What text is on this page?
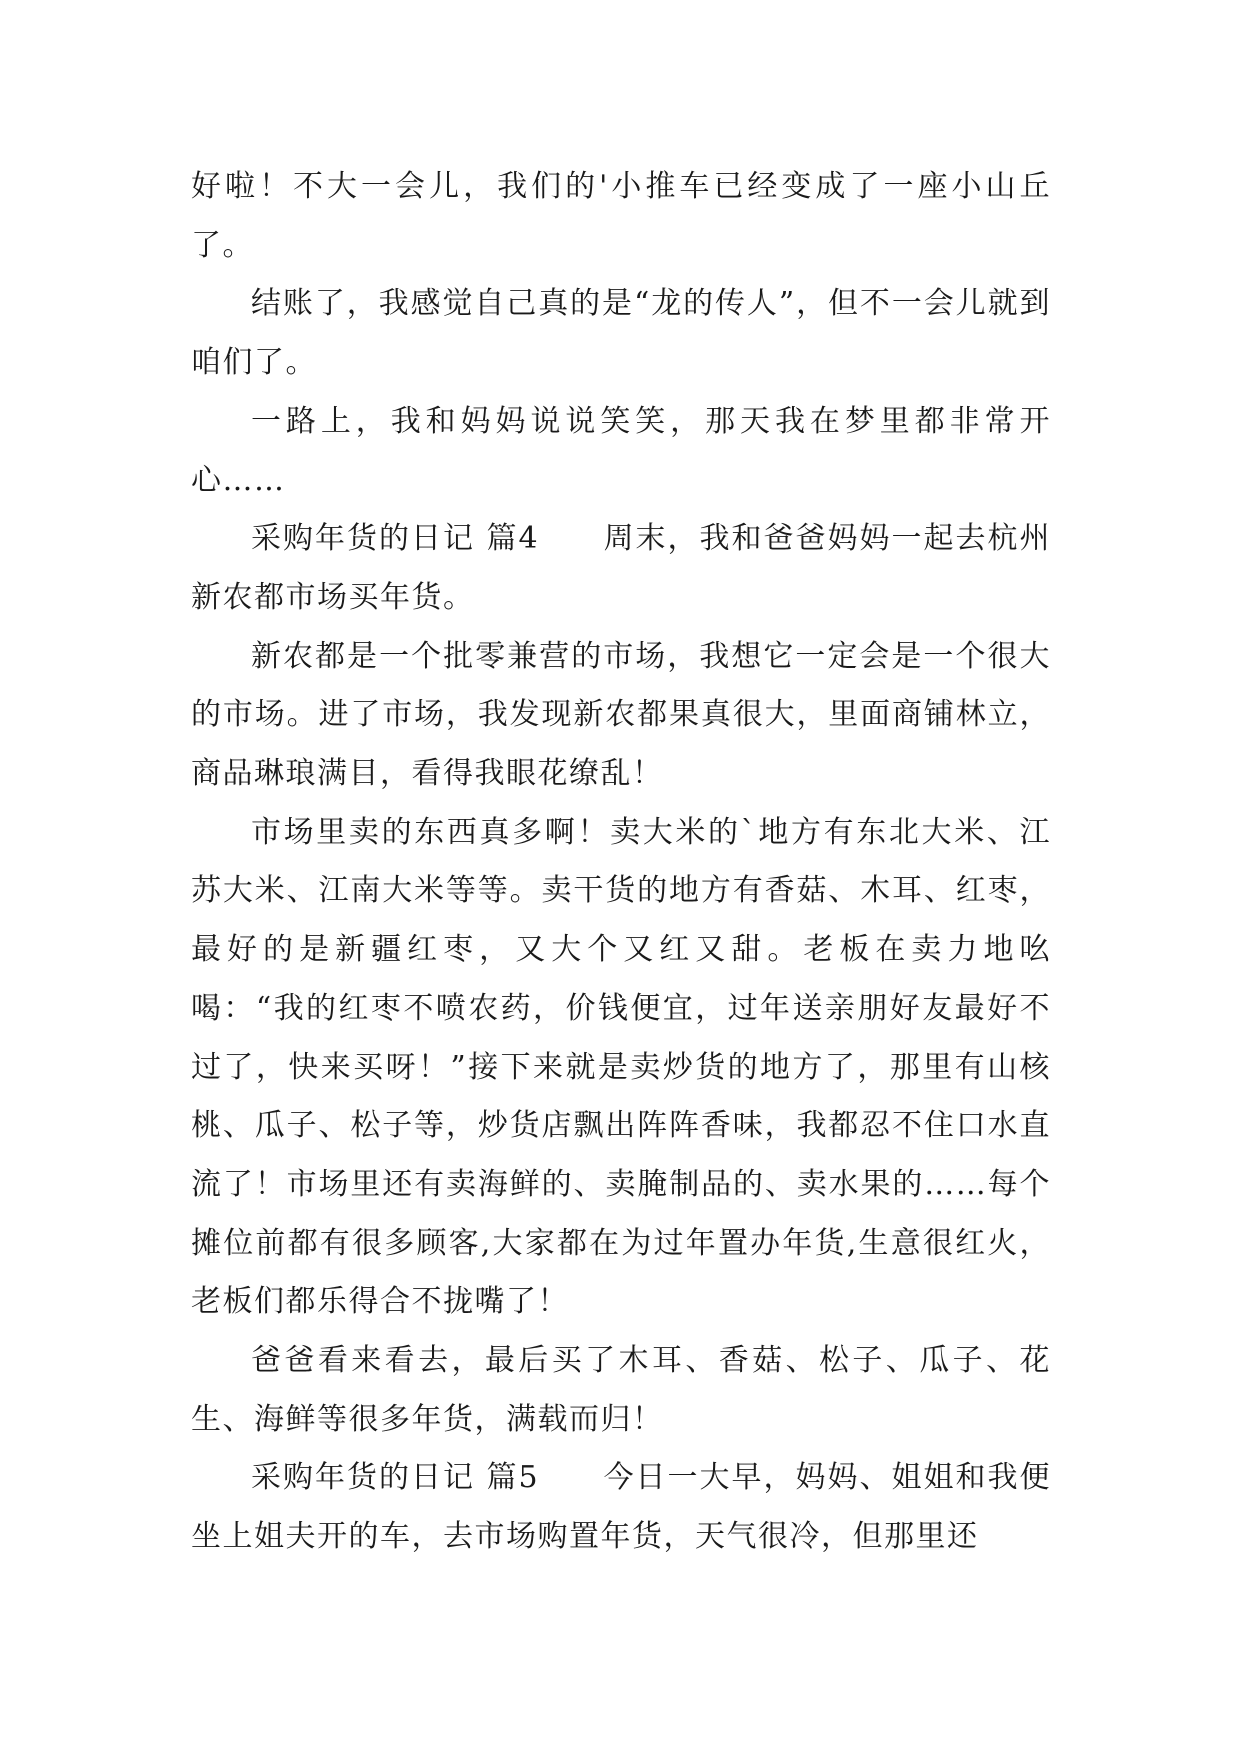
好啦！不大一会儿，我们的'小推车已经变成了一座小山丘了。

结账了，我感觉自己真的是“龙的传人”，但不一会儿就到咱们了。

一路上，我和妈妈说说笑笑，那天我在梦里都非常开心……

采购年货的日记 篇4　　周末，我和爸爸妈妈一起去杭州新农都市场买年货。

新农都是一个批零兼营的市场，我想它一定会是一个很大的市场。进了市场，我发现新农都果真很大，里面商铺林立，商品琳琅满目，看得我眼花缭乱！

市场里卖的东西真多啊！卖大米的`地方有东北大米、江苏大米、江南大米等等。卖干货的地方有香菇、木耳、红枣，最好的是新疆红枣，又大个又红又甜。老板在卖力地吆喝：“我的红枣不喷农药，价钱便宜，过年送亲朋好友最好不过了，快来买呀！”接下来就是卖炒货的地方了，那里有山核桃、瓜子、松子等，炒货店飘出阵阵香味，我都忍不住口水直流了！市场里还有卖海鲜的、卖腌制品的、卖水果的……每个摊位前都有很多顾客,大家都在为过年置办年货,生意很红火，老板们都乐得合不拢嘴了！

爸爸看来看去，最后买了木耳、香菇、松子、瓜子、花生、海鲜等很多年货，满载而归！

采购年货的日记 篇5　　今日一大早，妈妈、姐姐和我便坐上姐夫开的车，去市场购置年货，天气很冷，但那里还
